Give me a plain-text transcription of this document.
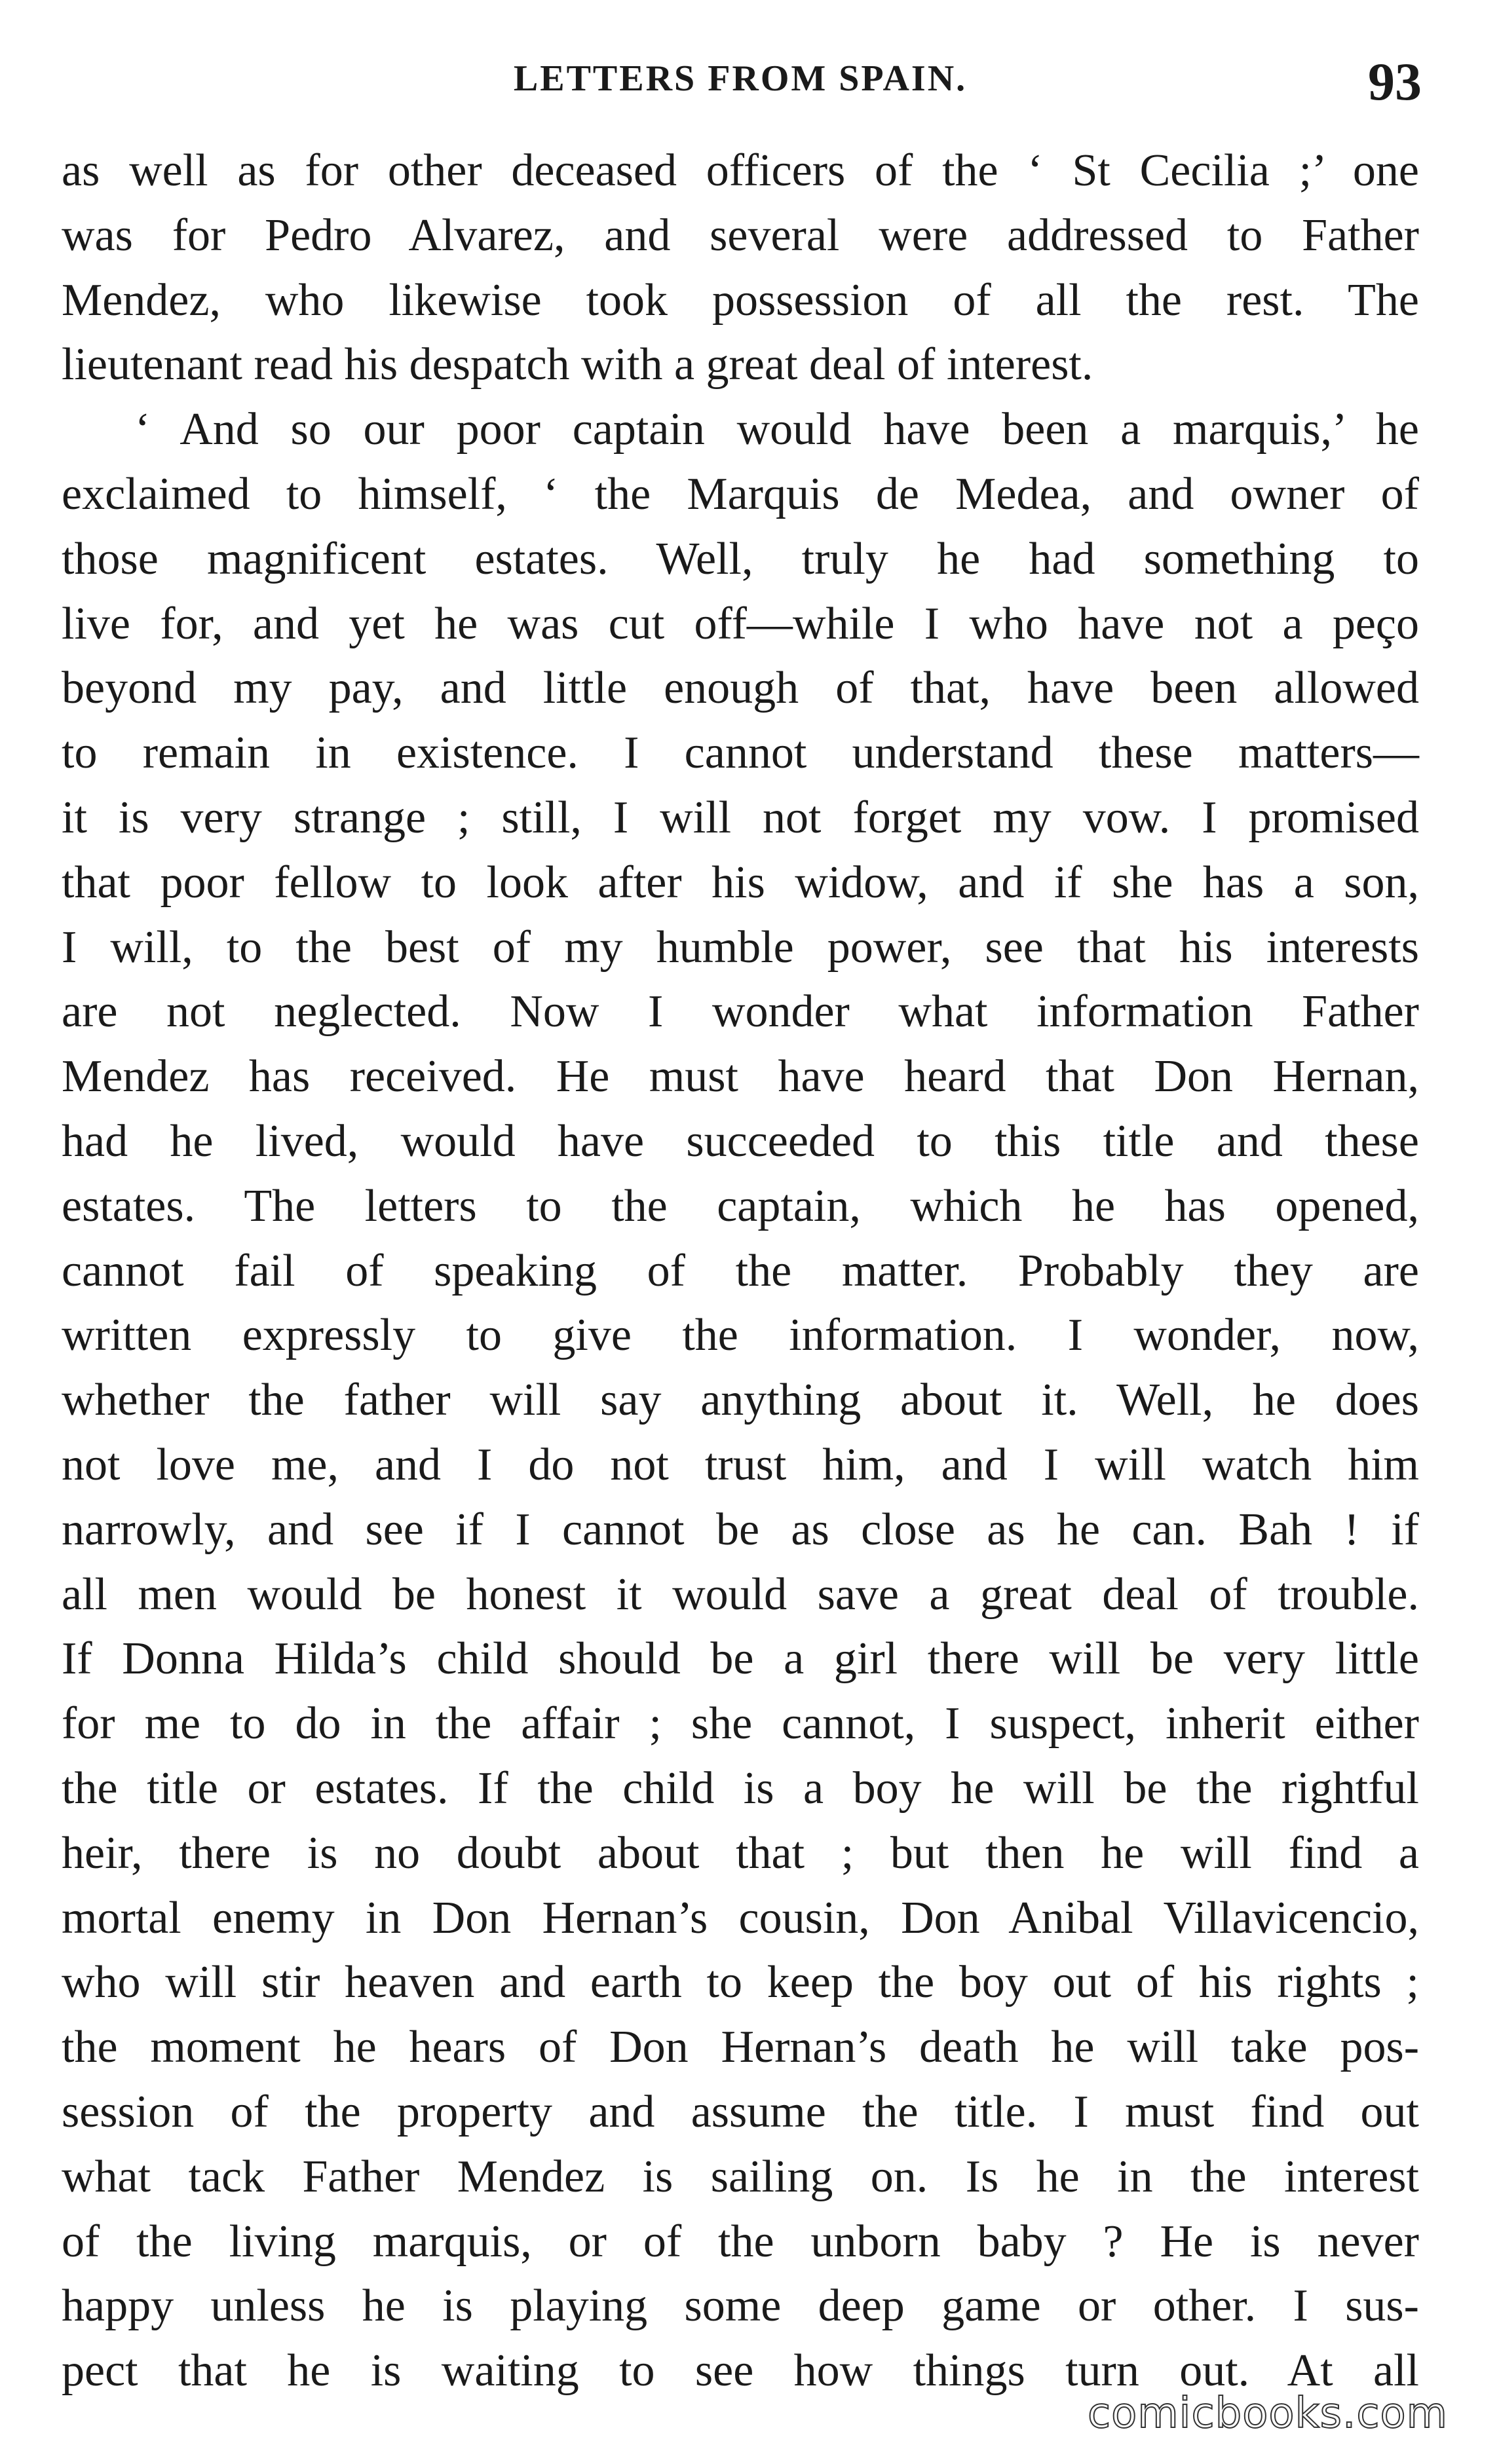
LETTERS FROM SPAIN.	93
as well as for other deceased officers of the ‘ St Cecilia ;’ one
was for Pedro Alvarez, and several were addressed to Father
Mendez, who likewise took possession of all the rest. The
lieutenant read his despatch with a great deal of interest.
‘ And so our poor captain would have been a marquis,’ he
exclaimed to himself, ‘ the Marquis de Medea, and owner of
those magnificent estates. Well, truly he had something to
live for, and yet he was cut off—while I who have not a peço
beyond my pay, and little enough of that, have been allowed
to remain in existence. I cannot understand these matters—
it is very strange ; still, I will not forget my vow. I promised
that poor fellow to look after his widow, and if she has a son,
I will, to the best of my humble power, see that his interests
are not neglected. Now I wonder what information Father
Mendez has received. He must have heard that Don Hernan,
had he lived, would have succeeded to this title and these
estates. The letters to the captain, which he has opened,
cannot fail of speaking of the matter. Probably they are
written expressly to give the information. I wonder, now,
whether the father will say anything about it. Well, he does
not love me, and I do not trust him, and I will watch him
narrowly, and see if I cannot be as close as he can. Bah ! if
all men would be honest it would save a great deal of trouble.
If Donna Hilda’s child should be a girl there will be very little
for me to do in the affair ; she cannot, I suspect, inherit either
the title or estates. If the child is a boy he will be the rightful
heir, there is no doubt about that ; but then he will find a
mortal enemy in Don Hernan’s cousin, Don Anibal Villavicencio,
who will stir heaven and earth to keep the boy out of his rights ;
the moment he hears of Don Hernan’s death he will take pos-
session of the property and assume the title. I must find out
what tack Father Mendez is sailing on. Is he in the interest
of the living marquis, or of the unborn baby ? He is never
happy unless he is playing some deep game or other. I sus-
pect that he is waiting to see how things turn out. At all
comicbooks.com
